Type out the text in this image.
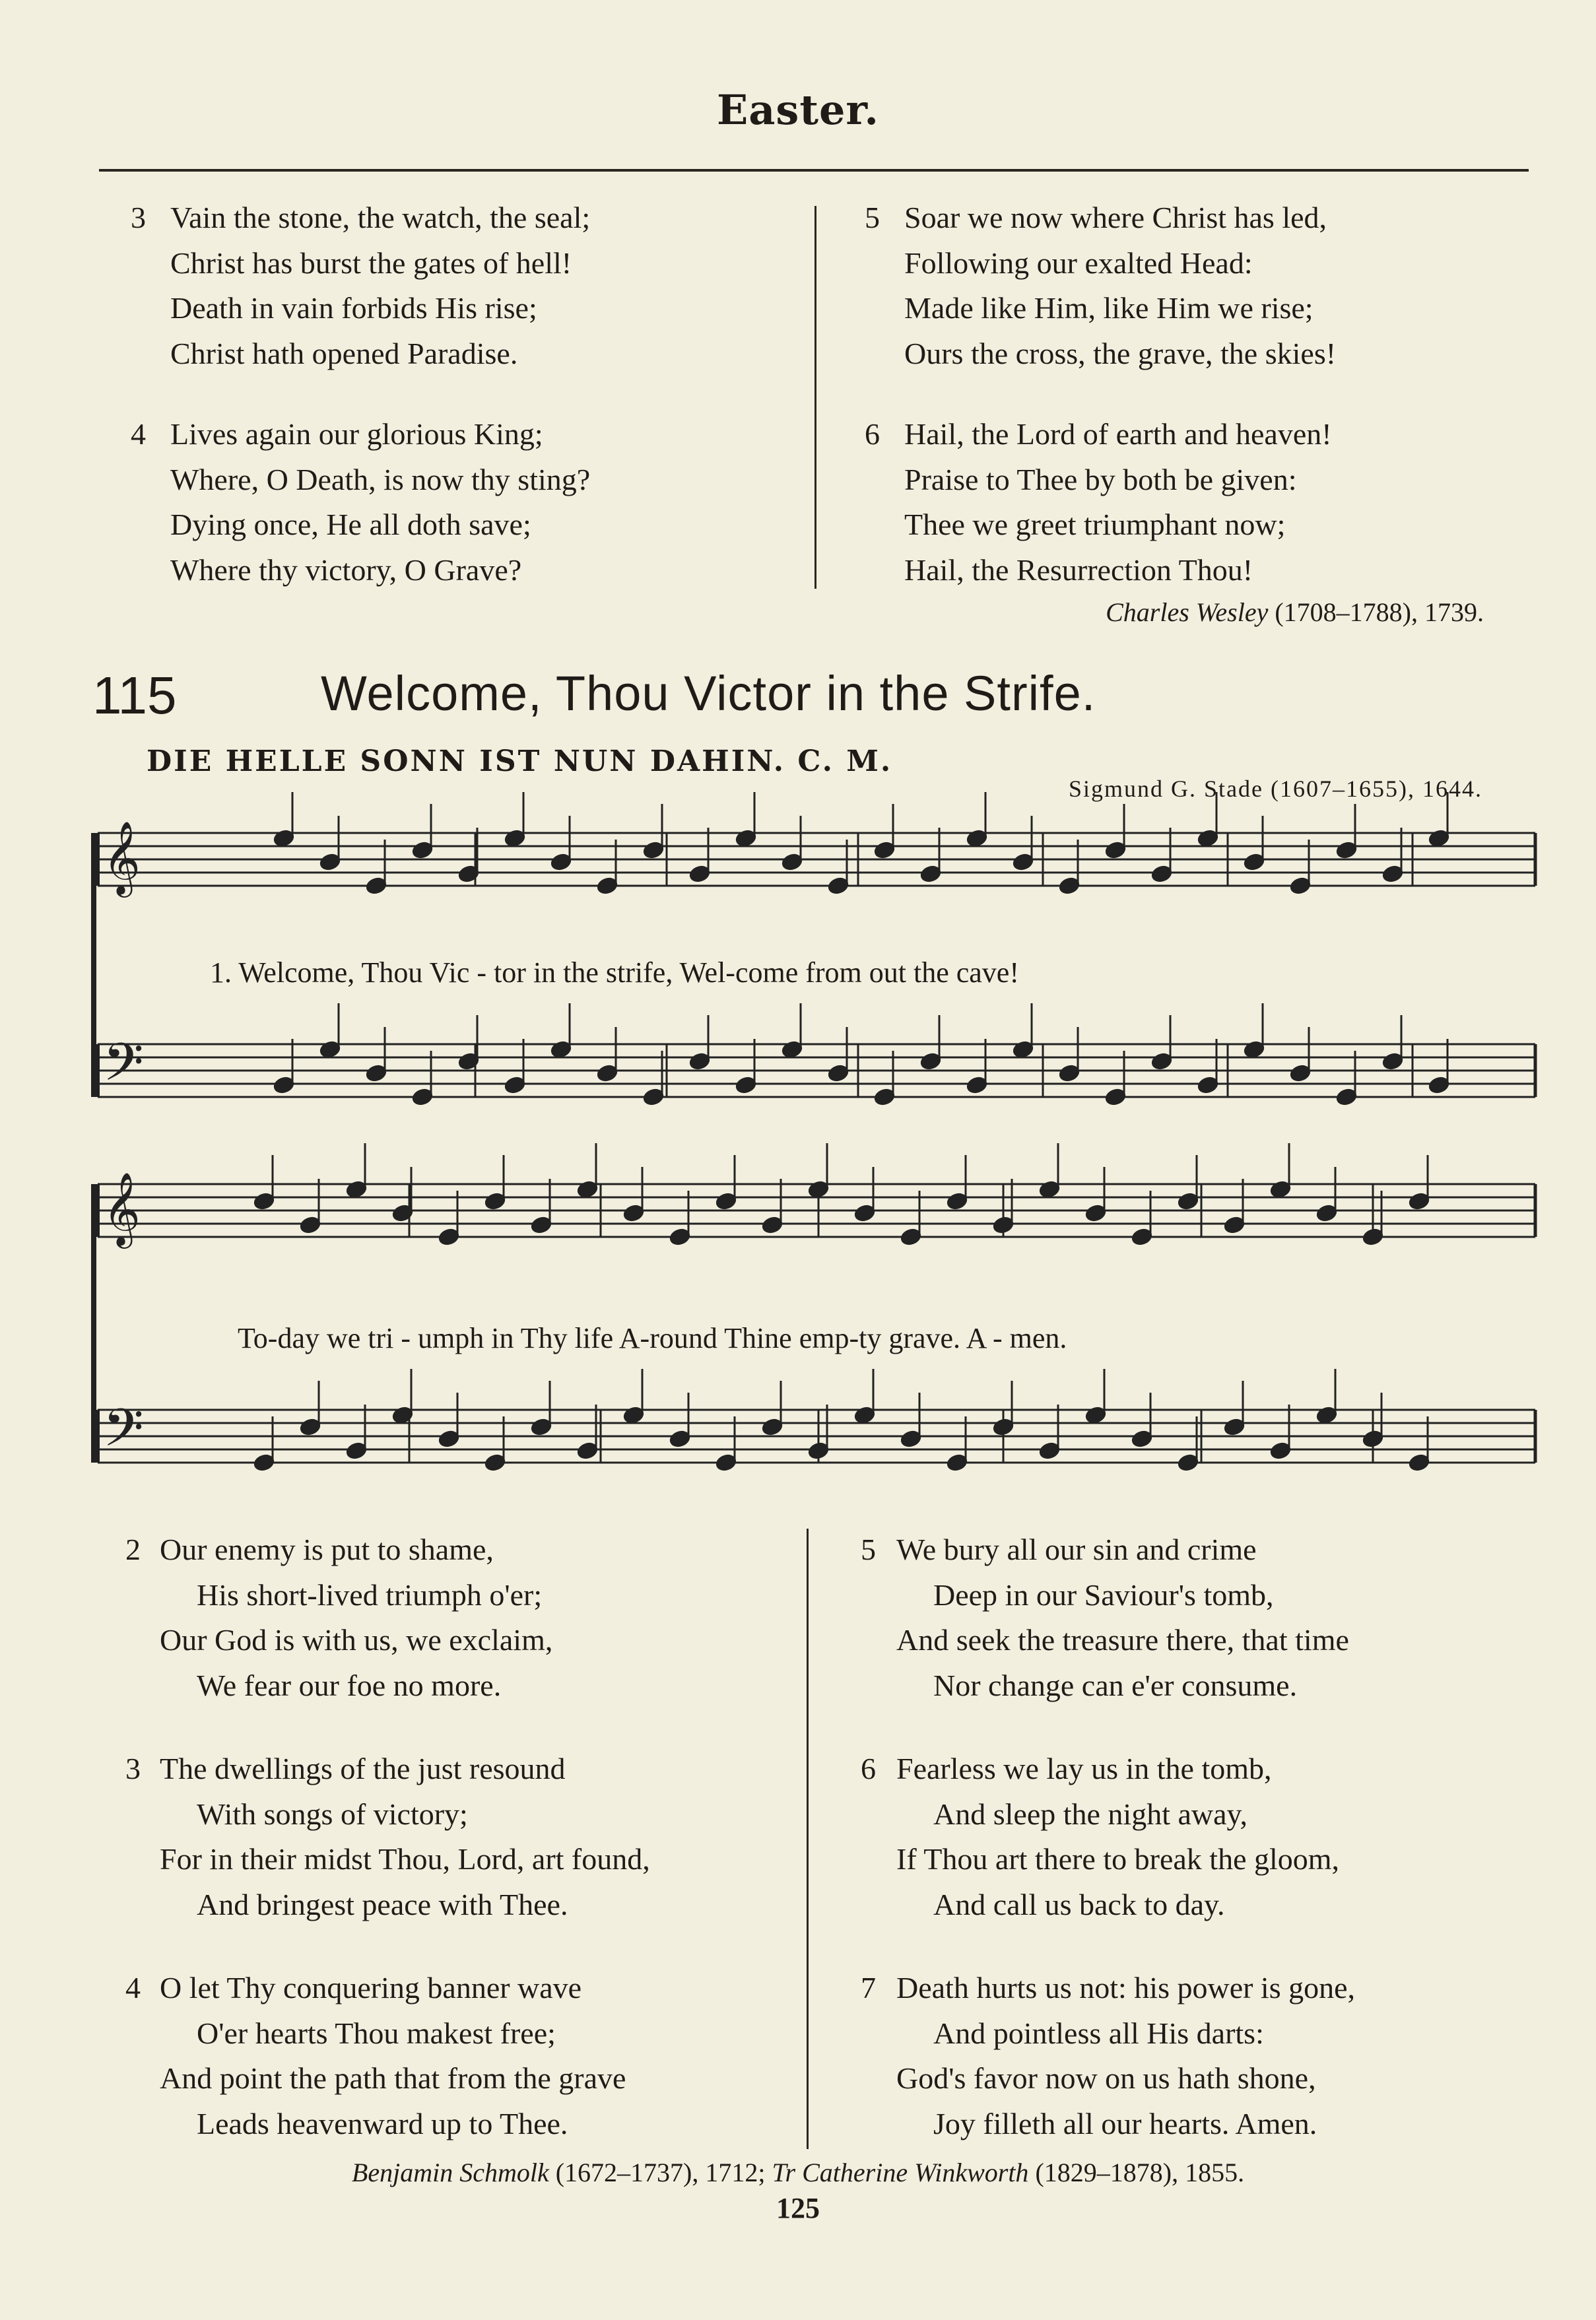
Easter.
3 Vain the stone, the watch, the seal;
Christ has burst the gates of hell!
Death in vain forbids His rise;
Christ hath opened Paradise.
4 Lives again our glorious King;
Where, O Death, is now thy sting?
Dying once, He all doth save;
Where thy victory, O Grave?
5 Soar we now where Christ has led,
Following our exalted Head:
Made like Him, like Him we rise;
Ours the cross, the grave, the skies!
6 Hail, the Lord of earth and heaven!
Praise to Thee by both be given:
Thee we greet triumphant now;
Hail, the Resurrection Thou!
Charles Wesley (1708–1788), 1739.
115	Welcome, Thou Victor in the Strife.
DIE HELLE SONN IST NUN DAHIN. C. M.
Sigmund G. Stade (1607–1655), 1644.
𝄞
𝄢
𝄞
𝄢
1. Welcome, Thou Vic - tor in the strife, Wel-come from out the cave!
To-day we tri - umph in Thy life A-round Thine emp-ty grave. A - men.
2 Our enemy is put to shame,
His short-lived triumph o'er;
Our God is with us, we exclaim,
We fear our foe no more.
3 The dwellings of the just resound
With songs of victory;
For in their midst Thou, Lord, art found,
And bringest peace with Thee.
4 O let Thy conquering banner wave
O'er hearts Thou makest free;
And point the path that from the grave
Leads heavenward up to Thee.
5 We bury all our sin and crime
Deep in our Saviour's tomb,
And seek the treasure there, that time
Nor change can e'er consume.
6 Fearless we lay us in the tomb,
And sleep the night away,
If Thou art there to break the gloom,
And call us back to day.
7 Death hurts us not: his power is gone,
And pointless all His darts:
God's favor now on us hath shone,
Joy filleth all our hearts. Amen.
Benjamin Schmolk (1672–1737), 1712; Tr Catherine Winkworth (1829–1878), 1855.
125
